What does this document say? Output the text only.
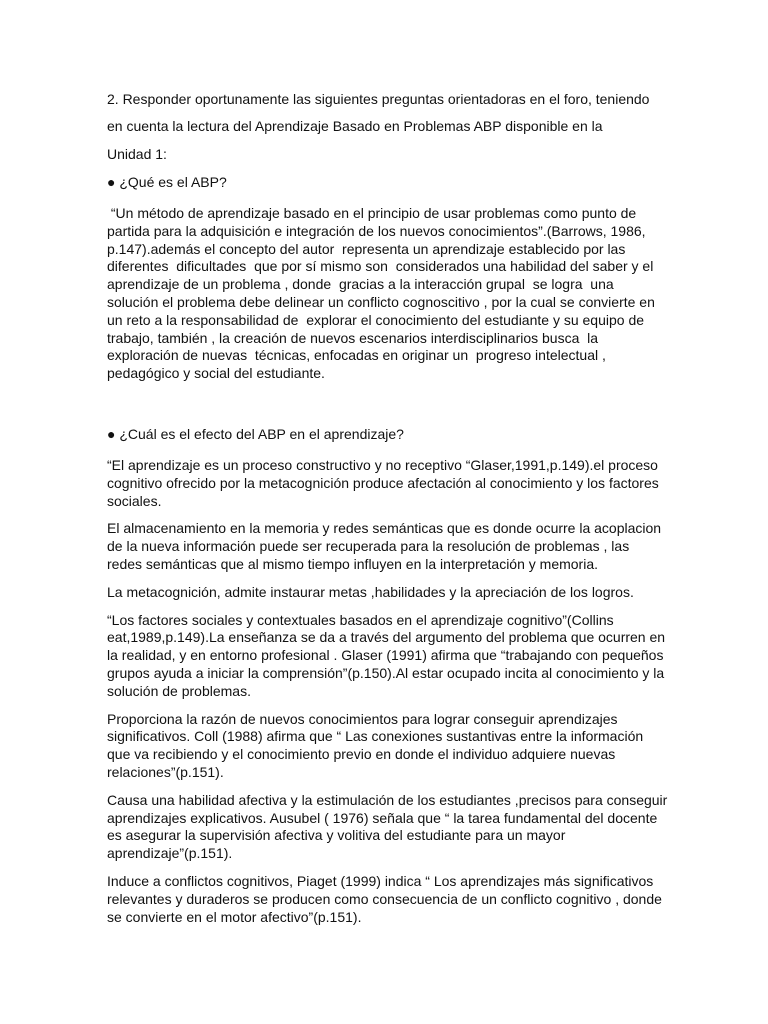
2. Responder oportunamente las siguientes preguntas orientadoras en el foro, teniendo

en cuenta la lectura del Aprendizaje Basado en Problemas ABP disponible en la

Unidad 1:

● ¿Qué es el ABP?

“Un método de aprendizaje basado en el principio de usar problemas como punto de partida para la adquisición e integración de los nuevos conocimientos”.(Barrows, 1986, p.147).además el concepto del autor  representa un aprendizaje establecido por las diferentes  dificultades  que por sí mismo son  considerados una habilidad del saber y el aprendizaje de un problema , donde  gracias a la interacción grupal  se logra  una solución el problema debe delinear un conflicto cognoscitivo , por la cual se convierte en un reto a la responsabilidad de  explorar el conocimiento del estudiante y su equipo de trabajo, también , la creación de nuevos escenarios interdisciplinarios busca  la exploración de nuevas  técnicas, enfocadas en originar un  progreso intelectual , pedagógico y social del estudiante.

● ¿Cuál es el efecto del ABP en el aprendizaje?

“El aprendizaje es un proceso constructivo y no receptivo “Glaser,1991,p.149).el proceso cognitivo ofrecido por la metacognición produce afectación al conocimiento y los factores sociales.

El almacenamiento en la memoria y redes semánticas que es donde ocurre la acoplacion de la nueva información puede ser recuperada para la resolución de problemas , las redes semánticas que al mismo tiempo influyen en la interpretación y memoria.

La metacognición, admite instaurar metas ,habilidades y la apreciación de los logros.

“Los factores sociales y contextuales basados en el aprendizaje cognitivo”(Collins eat,1989,p.149).La enseñanza se da a través del argumento del problema que ocurren en la realidad, y en entorno profesional . Glaser (1991) afirma que “trabajando con pequeños grupos ayuda a iniciar la comprensión”(p.150).Al estar ocupado incita al conocimiento y la solución de problemas.

Proporciona la razón de nuevos conocimientos para lograr conseguir aprendizajes significativos. Coll (1988) afirma que “ Las conexiones sustantivas entre la información que va recibiendo y el conocimiento previo en donde el individuo adquiere nuevas relaciones”(p.151).

Causa una habilidad afectiva y la estimulación de los estudiantes ,precisos para conseguir aprendizajes explicativos. Ausubel ( 1976) señala que “ la tarea fundamental del docente es asegurar la supervisión afectiva y volitiva del estudiante para un mayor aprendizaje”(p.151).

Induce a conflictos cognitivos, Piaget (1999) indica “ Los aprendizajes más significativos relevantes y duraderos se producen como consecuencia de un conflicto cognitivo , donde se convierte en el motor afectivo”(p.151).
